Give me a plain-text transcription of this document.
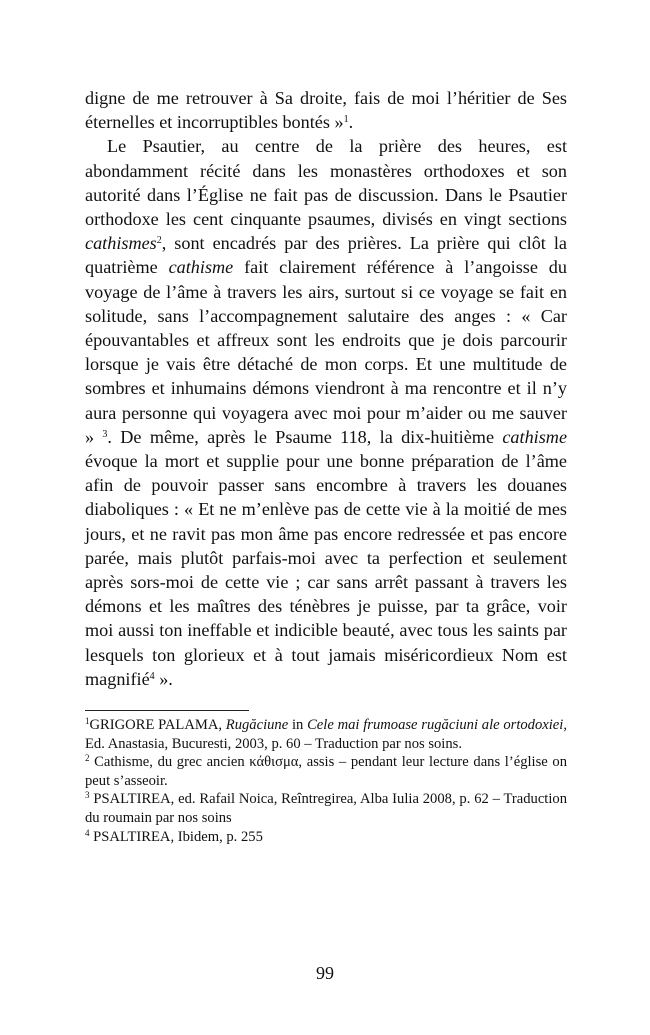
digne de me retrouver à Sa droite, fais de moi l’héritier de Ses éternelles et incorruptibles bontés »$^1$.

Le Psautier, au centre de la prière des heures, est abondamment récité dans les monastères orthodoxes et son autorité dans l’Église ne fait pas de discussion. Dans le Psautier orthodoxe les cent cinquante psaumes, divisés en vingt sections cathismes$^2$, sont encadrés par des prières. La prière qui clôt la quatrième cathisme fait clairement référence à l’angoisse du voyage de l’âme à travers les airs, surtout si ce voyage se fait en solitude, sans l’accompagnement salutaire des anges : « Car épouvantables et affreux sont les endroits que je dois parcourir lorsque je vais être détaché de mon corps. Et une multitude de sombres et inhumains démons viendront à ma rencontre et il n’y aura personne qui voyagera avec moi pour m’aider ou me sauver » $^3$. De même, après le Psaume 118, la dix-huitième cathisme évoque la mort et supplie pour une bonne préparation de l’âme afin de pouvoir passer sans encombre à travers les douanes diaboliques : « Et ne m’enlève pas de cette vie à la moitié de mes jours, et ne ravit pas mon âme pas encore redressée et pas encore parée, mais plutôt parfais-moi avec ta perfection et seulement après sors-moi de cette vie ; car sans arrêt passant à travers les démons et les maîtres des ténèbres je puisse, par ta grâce, voir moi aussi ton ineffable et indicible beauté, avec tous les saints par lesquels ton glorieux et à tout jamais miséricordieux Nom est magnifié$^4$ ».

$^1$GRIGORE PALAMA, Rugăciune in Cele mai frumoase rugăciuni ale ortodoxiei, Ed. Anastasia, Bucuresti, 2003, p. 60 – Traduction par nos soins.

$^2$ Cathisme, du grec ancien κάθισμα, assis – pendant leur lecture dans l’église on peut s’asseoir.

$^3$ PSALTIREA, ed. Rafail Noica, Reîntregirea, Alba Iulia 2008, p. 62 – Traduction du roumain par nos soins

$^4$ PSALTIREA, Ibidem, p. 255

99
